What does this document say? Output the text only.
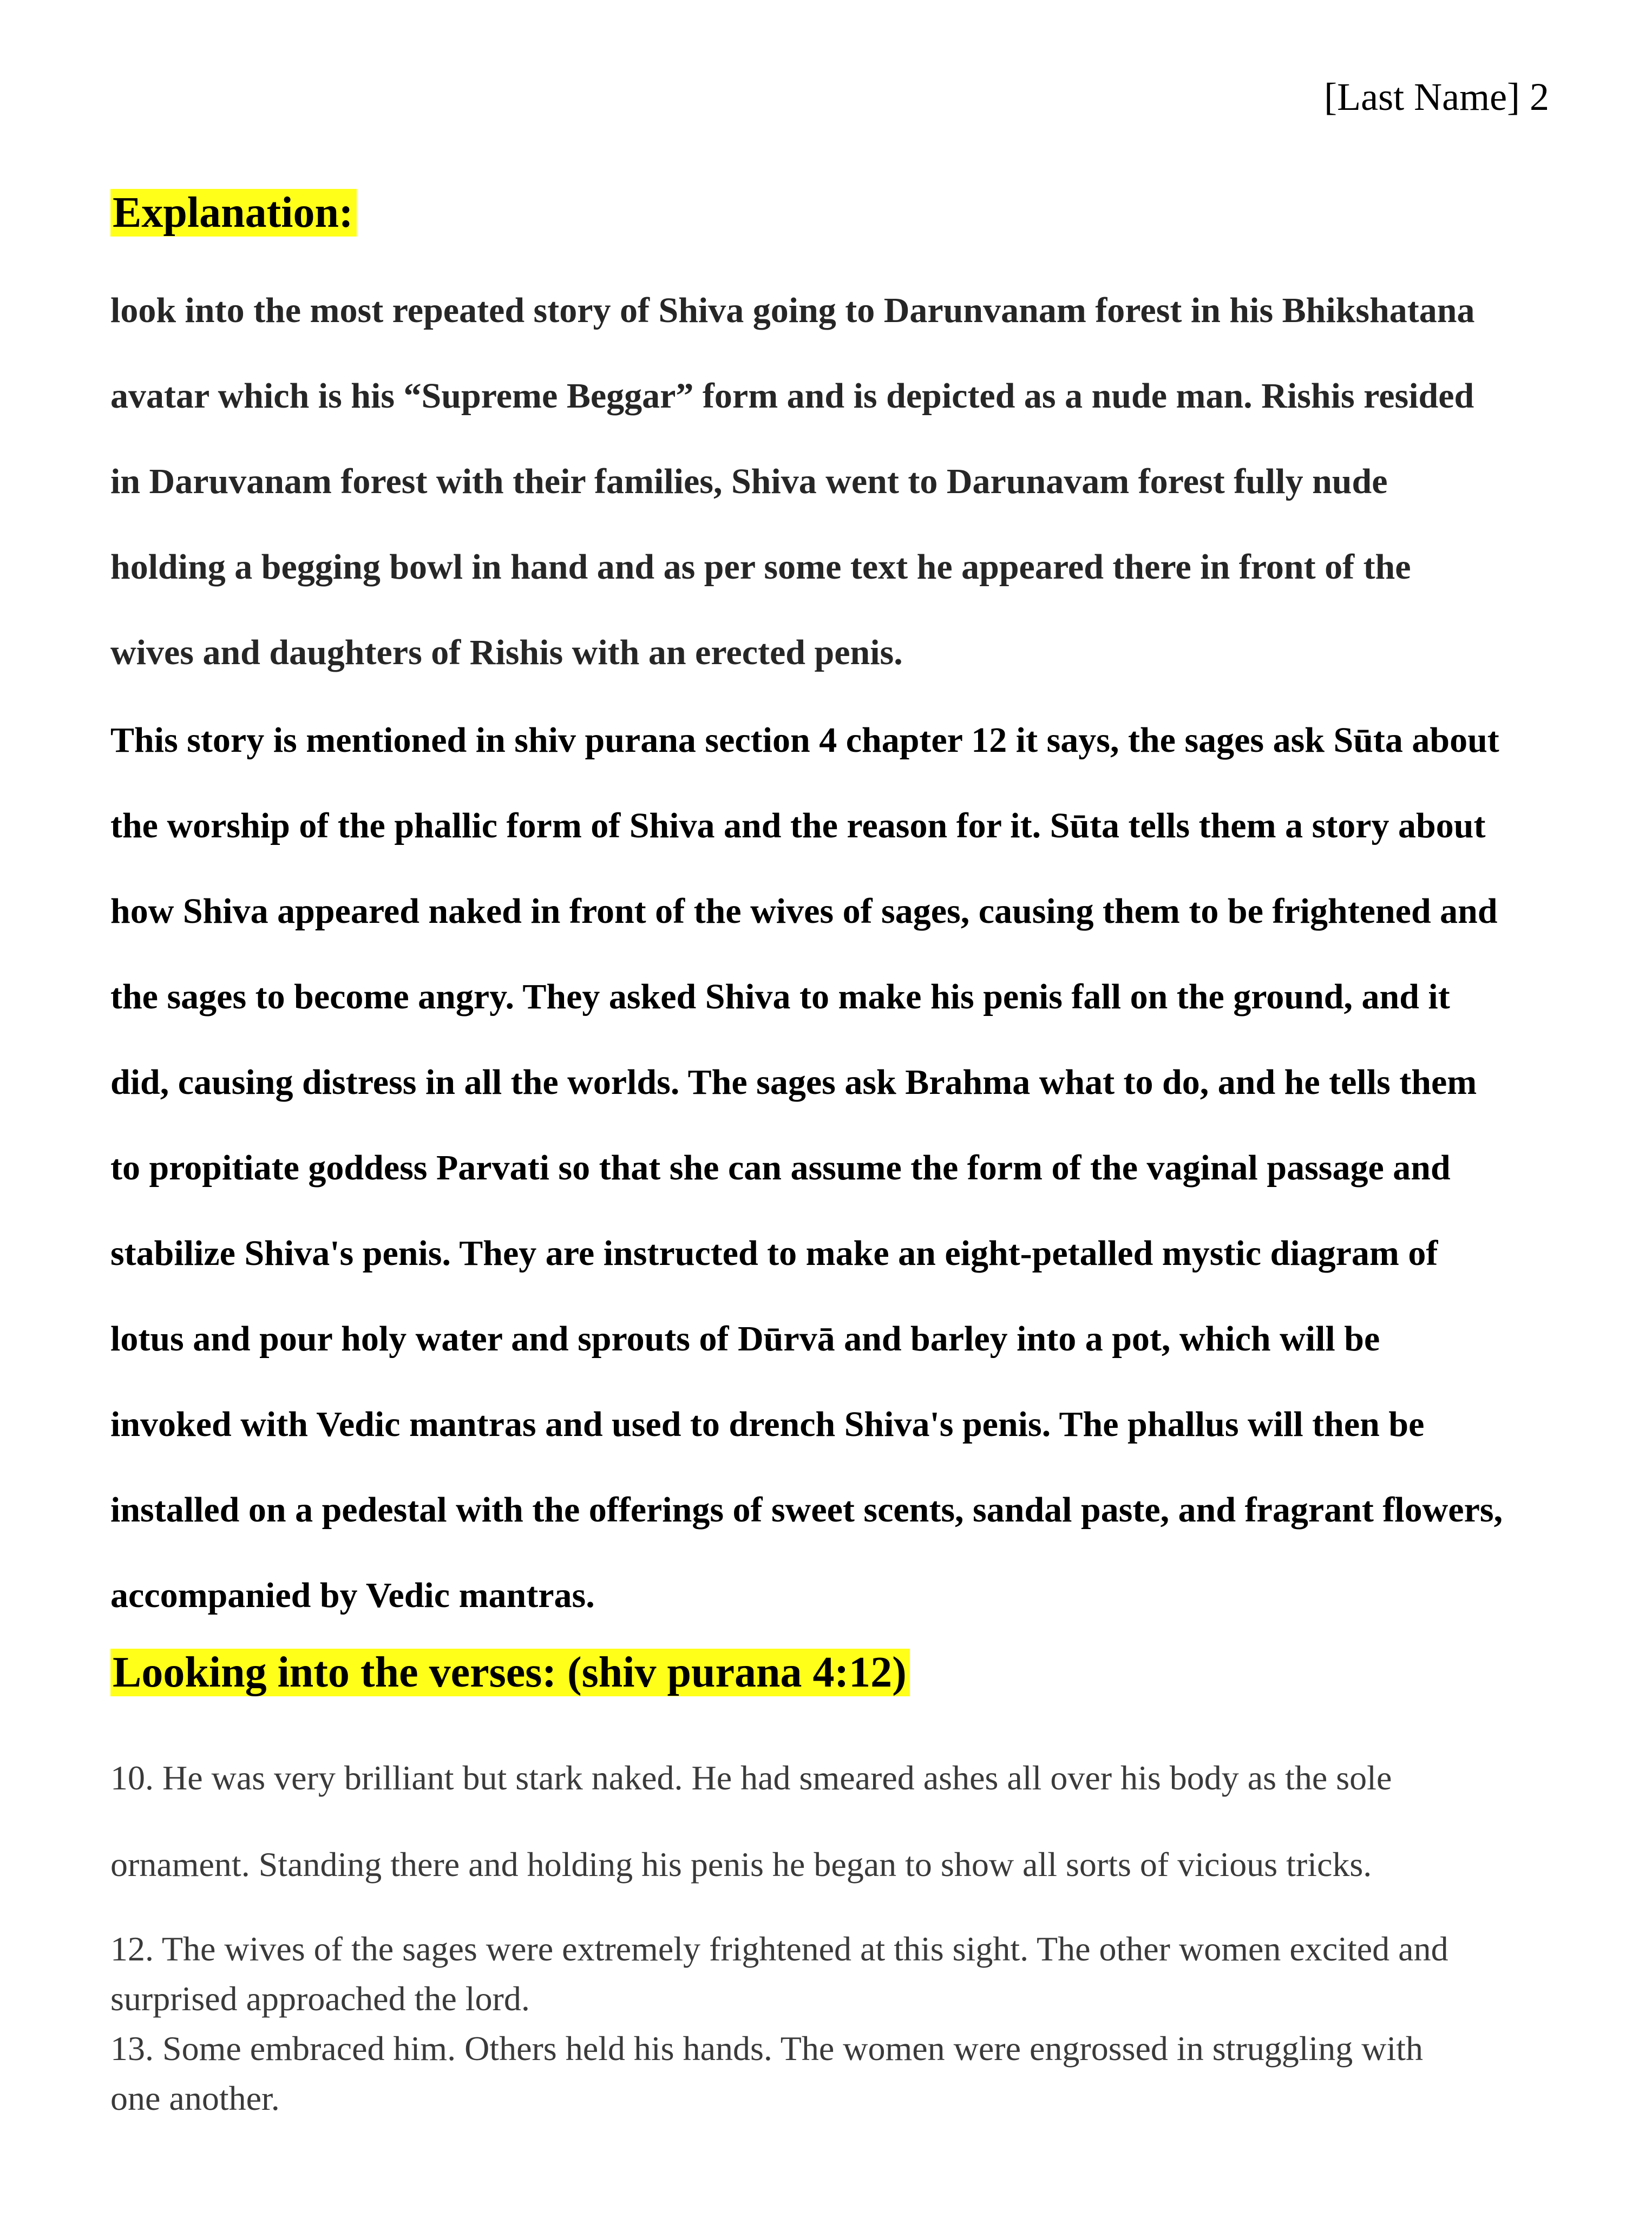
[Last Name] 2
Explanation:
look into the most repeated story of Shiva going to Darunvanam forest in his Bhikshatana
avatar which is his “Supreme Beggar” form and is depicted as a nude man. Rishis resided
in Daruvanam forest with their families, Shiva went to Darunavam forest fully nude
holding a begging bowl in hand and as per some text he appeared there in front of the
wives and daughters of Rishis with an erected penis.
This story is mentioned in shiv purana section 4 chapter 12 it says, the sages ask Sūta about
the worship of the phallic form of Shiva and the reason for it. Sūta tells them a story about
how Shiva appeared naked in front of the wives of sages, causing them to be frightened and
the sages to become angry. They asked Shiva to make his penis fall on the ground, and it
did, causing distress in all the worlds. The sages ask Brahma what to do, and he tells them
to propitiate goddess Parvati so that she can assume the form of the vaginal passage and
stabilize Shiva's penis. They are instructed to make an eight-petalled mystic diagram of
lotus and pour holy water and sprouts of Dūrvā and barley into a pot, which will be
invoked with Vedic mantras and used to drench Shiva's penis. The phallus will then be
installed on a pedestal with the offerings of sweet scents, sandal paste, and fragrant flowers,
accompanied by Vedic mantras.
Looking into the verses: (shiv purana 4:12)
10. He was very brilliant but stark naked. He had smeared ashes all over his body as the sole
ornament. Standing there and holding his penis he began to show all sorts of vicious tricks.
12. The wives of the sages were extremely frightened at this sight. The other women excited and
surprised approached the lord.
13. Some embraced him. Others held his hands. The women were engrossed in struggling with
one another.
